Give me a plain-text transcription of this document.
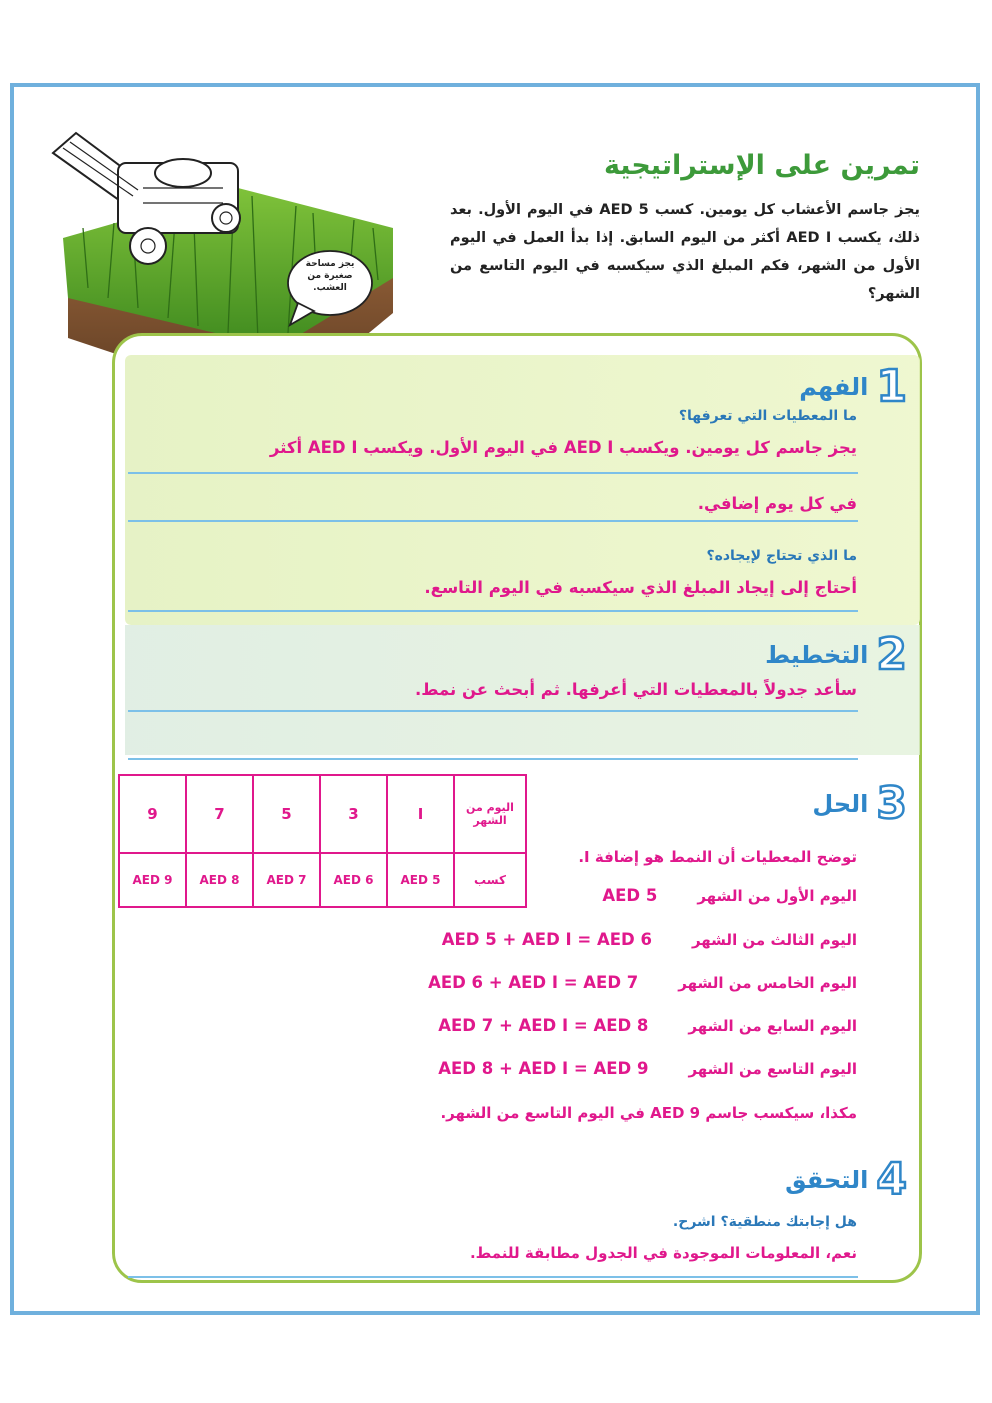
يجز مساحة صغيرة من العشب.
تمرين على الإستراتيجية
يجز جاسم الأعشاب كل يومين. كسب AED 5 في اليوم الأول. بعد ذلك، يكسب AED I أكثر من اليوم السابق. إذا بدأ العمل في اليوم الأول من الشهر، فكم المبلغ الذي سيكسبه في اليوم التاسع من الشهر؟
1
الفهم
ما المعطيات التي تعرفها؟
يجز جاسم كل يومين. ويكسب AED I في اليوم الأول. ويكسب AED I أكثر
في كل يوم إضافي.
ما الذي تحتاج لإيجاده؟
أحتاج إلى إيجاد المبلغ الذي سيكسبه في اليوم التاسع.
2
التخطيط
سأعد جدولاً بالمعطيات التي أعرفها. ثم أبحث عن نمط.
3
الحل
اليوم من الشهر	I	3	5	7	9
كسب	AED 5	AED 6	AED 7	AED 8	AED 9
توضح المعطيات أن النمط هو إضافة I.
اليوم الأول من الشهر
AED 5
اليوم الثالث من الشهر
AED 5 + AED I = AED 6
اليوم الخامس من الشهر
AED 6 + AED I = AED 7
اليوم السابع من الشهر
AED 7 + AED I = AED 8
اليوم التاسع من الشهر
AED 8 + AED I = AED 9
مكذا، سيكسب جاسم AED 9 في اليوم التاسع من الشهر.
4
التحقق
هل إجابتك منطقية؟ اشرح.
نعم، المعلومات الموجودة في الجدول مطابقة للنمط.
